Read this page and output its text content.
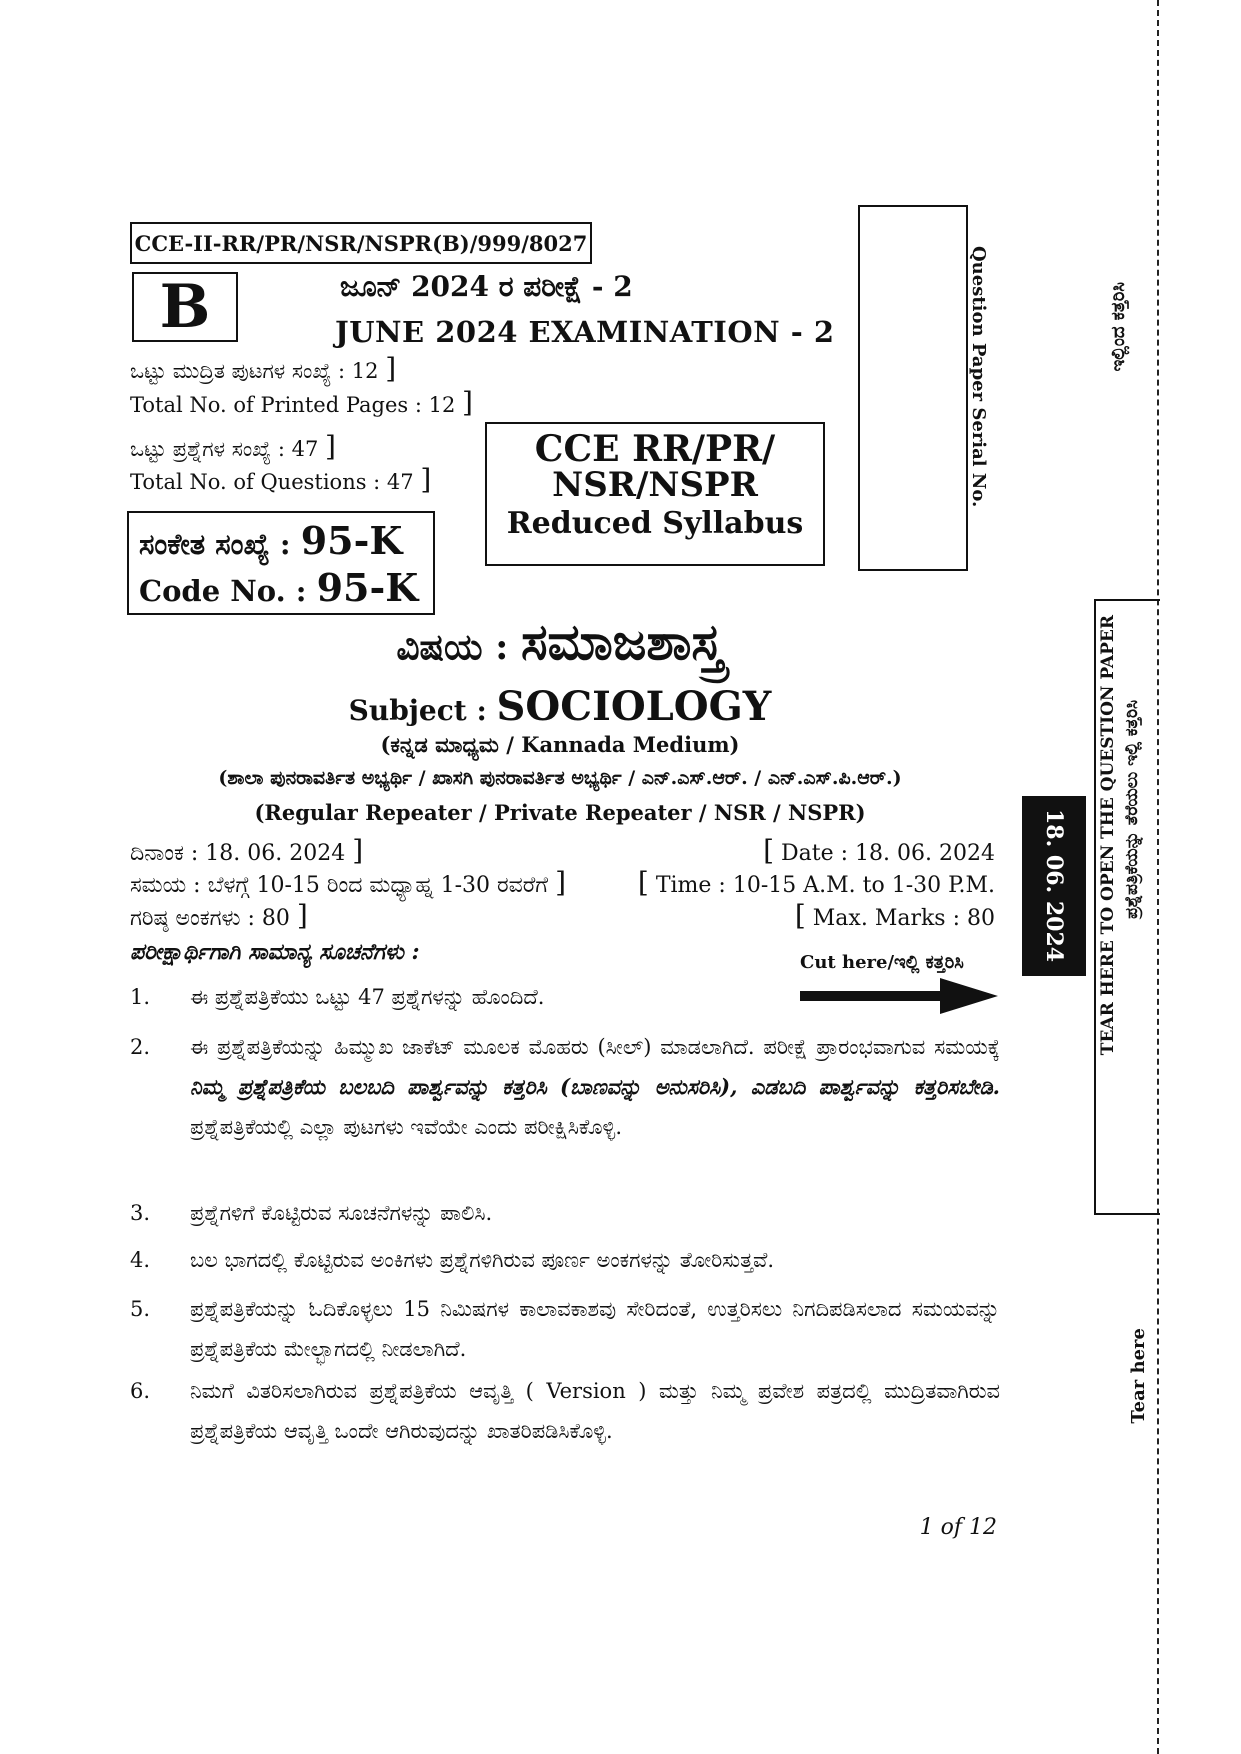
CCE-II-RR/PR/NSR/NSPR(B)/999/8027
B	ಜೂನ್ 2024 ರ ಪರೀಕ್ಷೆ - 2
JUNE 2024 EXAMINATION - 2
ಒಟ್ಟು ಮುದ್ರಿತ ಪುಟಗಳ ಸಂಖ್ಯೆ : 12 ]
Total No. of Printed Pages : 12 ]
ಒಟ್ಟು ಪ್ರಶ್ನೆಗಳ ಸಂಖ್ಯೆ : 47 ]
Total No. of Questions : 47 ]
CCE RR/PR/
NSR/NSPR
Reduced Syllabus
ಸಂಕೇತ ಸಂಖ್ಯೆ : 95-K
Code No. : 95-K
Question Paper Serial No.
ವಿಷಯ : ಸಮಾಜಶಾಸ್ತ್ರ
Subject : SOCIOLOGY
(ಕನ್ನಡ ಮಾಧ್ಯಮ / Kannada Medium)
(ಶಾಲಾ ಪುನರಾವರ್ತಿತ ಅಭ್ಯರ್ಥಿ / ಖಾಸಗಿ ಪುನರಾವರ್ತಿತ ಅಭ್ಯರ್ಥಿ / ಎನ್.ಎಸ್.ಆರ್. / ಎನ್.ಎಸ್.ಪಿ.ಆರ್.)
(Regular Repeater / Private Repeater / NSR / NSPR)
ದಿನಾಂಕ : 18. 06. 2024 ]	[ Date : 18. 06. 2024
ಸಮಯ : ಬೆಳಗ್ಗೆ 10-15 ರಿಂದ ಮಧ್ಯಾಹ್ನ 1-30 ರವರೆಗೆ ]	[ Time : 10-15 A.M. to 1-30 P.M.
ಗರಿಷ್ಠ ಅಂಕಗಳು : 80 ]	[ Max. Marks : 80
ಪರೀಕ್ಷಾರ್ಥಿಗಾಗಿ ಸಾಮಾನ್ಯ ಸೂಚನೆಗಳು :	Cut here/ಇಲ್ಲಿ ಕತ್ತರಿಸಿ
1.	ಈ ಪ್ರಶ್ನೆಪತ್ರಿಕೆಯು ಒಟ್ಟು 47 ಪ್ರಶ್ನೆಗಳನ್ನು ಹೊಂದಿದೆ.
2.	ಈ ಪ್ರಶ್ನೆಪತ್ರಿಕೆಯನ್ನು ಹಿಮ್ಮುಖ ಜಾಕೆಟ್ ಮೂಲಕ ಮೊಹರು (ಸೀಲ್) ಮಾಡಲಾಗಿದೆ. ಪರೀಕ್ಷೆ ಪ್ರಾರಂಭವಾಗುವ ಸಮಯಕ್ಕೆ ನಿಮ್ಮ ಪ್ರಶ್ನೆಪತ್ರಿಕೆಯ ಬಲಬದಿ ಪಾರ್ಶ್ವವನ್ನು ಕತ್ತರಿಸಿ (ಬಾಣವನ್ನು ಅನುಸರಿಸಿ), ಎಡಬದಿ ಪಾರ್ಶ್ವವನ್ನು ಕತ್ತರಿಸಬೇಡಿ. ಪ್ರಶ್ನೆಪತ್ರಿಕೆಯಲ್ಲಿ ಎಲ್ಲಾ ಪುಟಗಳು ಇವೆಯೇ ಎಂದು ಪರೀಕ್ಷಿಸಿಕೊಳ್ಳಿ.
3.	ಪ್ರಶ್ನೆಗಳಿಗೆ ಕೊಟ್ಟಿರುವ ಸೂಚನೆಗಳನ್ನು ಪಾಲಿಸಿ.
4.	ಬಲ ಭಾಗದಲ್ಲಿ ಕೊಟ್ಟಿರುವ ಅಂಕಿಗಳು ಪ್ರಶ್ನೆಗಳಿಗಿರುವ ಪೂರ್ಣ ಅಂಕಗಳನ್ನು ತೋರಿಸುತ್ತವೆ.
5.	ಪ್ರಶ್ನೆಪತ್ರಿಕೆಯನ್ನು ಓದಿಕೊಳ್ಳಲು 15 ನಿಮಿಷಗಳ ಕಾಲಾವಕಾಶವು ಸೇರಿದಂತೆ, ಉತ್ತರಿಸಲು ನಿಗದಿಪಡಿಸಲಾದ ಸಮಯವನ್ನು ಪ್ರಶ್ನೆಪತ್ರಿಕೆಯ ಮೇಲ್ಭಾಗದಲ್ಲಿ ನೀಡಲಾಗಿದೆ.
6.	ನಿಮಗೆ ವಿತರಿಸಲಾಗಿರುವ ಪ್ರಶ್ನೆಪತ್ರಿಕೆಯ ಆವೃತ್ತಿ ( Version ) ಮತ್ತು ನಿಮ್ಮ ಪ್ರವೇಶ ಪತ್ರದಲ್ಲಿ ಮುದ್ರಿತವಾಗಿರುವ ಪ್ರಶ್ನೆಪತ್ರಿಕೆಯ ಆವೃತ್ತಿ ಒಂದೇ ಆಗಿರುವುದನ್ನು ಖಾತರಿಪಡಿಸಿಕೊಳ್ಳಿ.
1 of 12
ಇಲ್ಲಿಂದ ಕತ್ತರಿಸಿ
TEAR HERE TO OPEN THE QUESTION PAPER ಪ್ರಶ್ನೆಪತ್ರಿಕೆಯನ್ನು ತೆರೆಯಲು ಇಲ್ಲಿ ಕತ್ತರಿಸಿ
18. 06. 2024
Tear here
